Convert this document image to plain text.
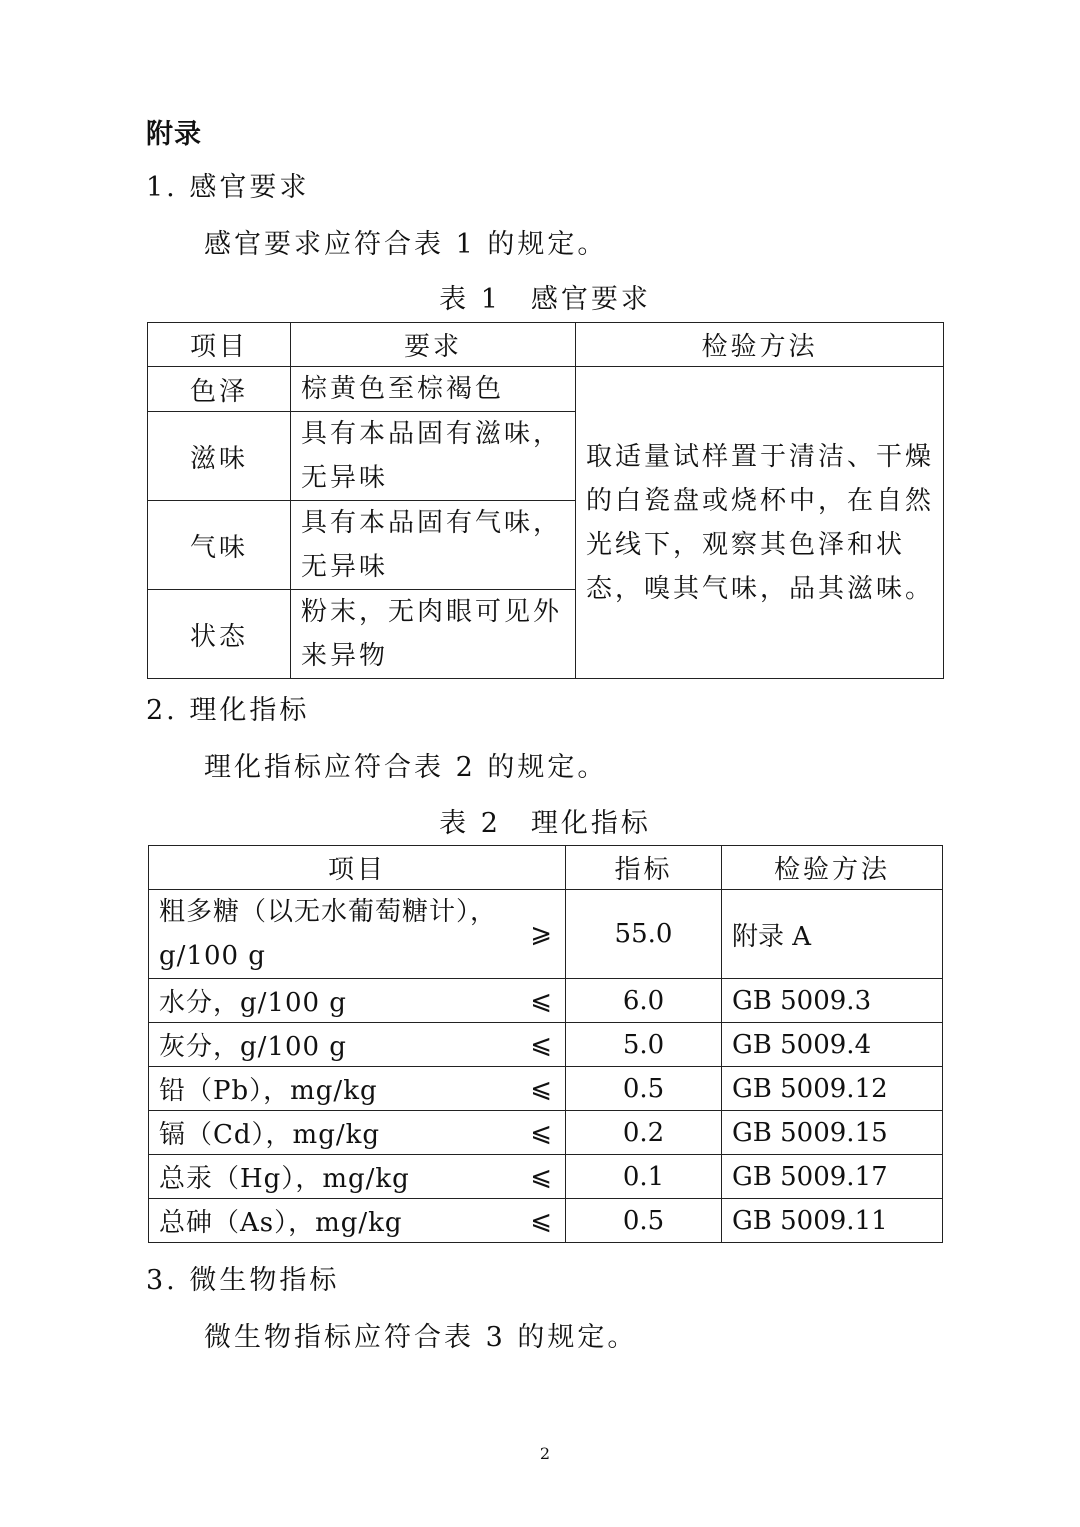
附录
1. 感官要求
感官要求应符合表 1 的规定。
表 1　感官要求
项目	要求	检验方法
色泽	棕黄色至棕褐色	取适量试样置于清洁、干燥
的白瓷盘或烧杯中，在自然
光线下，观察其色泽和状
态，嗅其气味，品其滋味。

滋味	具有本品固有滋味，
无异味	

气味	具有本品固有气味，
无异味	

状态	粉末，无肉眼可见外
来异物	
2. 理化指标
理化指标应符合表 2 的规定。
表 2　理化指标
项目	指标	检验方法

粗多糖（以无水葡萄糖计），
g/100 g
⩾	55.0	附录 A

水分，g/100 g ⩽	6.0	GB 5009.3

灰分，g/100 g ⩽	5.0	GB 5009.4

铅（Pb），mg/kg ⩽	0.5	GB 5009.12

镉（Cd），mg/kg ⩽	0.2	GB 5009.15

总汞（Hg），mg/kg ⩽	0.1	GB 5009.17

总砷（As），mg/kg ⩽	0.5	GB 5009.11
3. 微生物指标
微生物指标应符合表 3 的规定。
2
